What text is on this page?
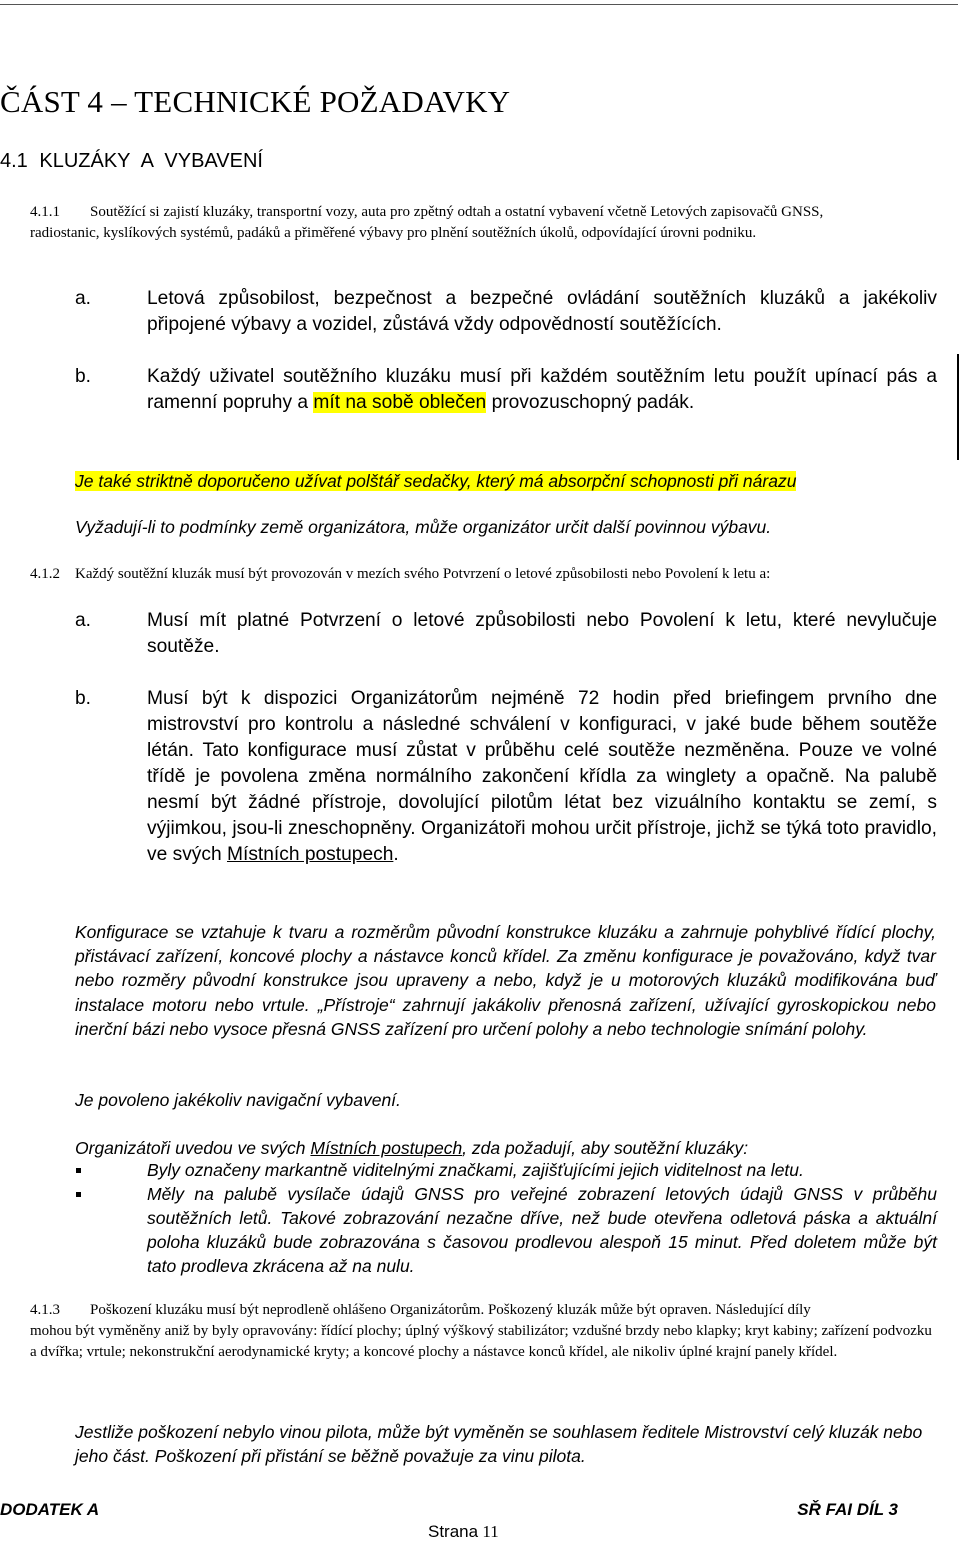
ČÁST 4 – TECHNICKÉ POŽADAVKY
4.1 KLUZÁKY A VYBAVENÍ
4.1.1 Soutěžící si zajistí kluzáky, transportní vozy, auta pro zpětný odtah a ostatní vybavení včetně Letových zapisovačů GNSS,
radiostanic, kyslíkových systémů, padáků a přiměřené výbavy pro plnění soutěžních úkolů, odpovídající úrovni podniku.
a.	Letová způsobilost, bezpečnost a bezpečné ovládání soutěžních kluzáků a jakékoliv připojené výbavy a vozidel, zůstává vždy odpovědností soutěžících.
b.	Každý uživatel soutěžního kluzáku musí při každém soutěžním letu použít upínací pás a ramenní popruhy a mít na sobě oblečen provozuschopný padák.
Je také striktně doporučeno užívat polštář sedačky, který má absorpční schopnosti při nárazu
Vyžadují-li to podmínky země organizátora, může organizátor určit další povinnou výbavu.
4.1.2 Každý soutěžní kluzák musí být provozován v mezích svého Potvrzení o letové způsobilosti nebo Povolení k letu a:
a.	Musí mít platné Potvrzení o letové způsobilosti nebo Povolení k letu, které nevylučuje soutěže.
b.	Musí být k dispozici Organizátorům nejméně 72 hodin před briefingem prvního dne mistrovství pro kontrolu a následné schválení v konfiguraci, v jaké bude během soutěže létán. Tato konfigurace musí zůstat v průběhu celé soutěže nezměněna. Pouze ve volné třídě je povolena změna normálního zakončení křídla za winglety a opačně. Na palubě nesmí být žádné přístroje, dovolující pilotům létat bez vizuálního kontaktu se zemí, s výjimkou, jsou-li zneschopněny. Organizátoři mohou určit přístroje, jichž se týká toto pravidlo, ve svých Místních postupech.
Konfigurace se vztahuje k tvaru a rozměrům původní konstrukce kluzáku a zahrnuje pohyblivé řídící plochy, přistávací zařízení, koncové plochy a nástavce konců křídel. Za změnu konfigurace je považováno, když tvar nebo rozměry původní konstrukce jsou upraveny a nebo, když je u motorových kluzáků modifikována buď instalace motoru nebo vrtule. „Přístroje“ zahrnují jakákoliv přenosná zařízení, užívající gyroskopickou nebo inerční bázi nebo vysoce přesná GNSS zařízení pro určení polohy a nebo technologie snímání polohy.
Je povoleno jakékoliv navigační vybavení.
Organizátoři uvedou ve svých Místních postupech, zda požadují, aby soutěžní kluzáky:
Byly označeny markantně viditelnými značkami, zajišťujícími jejich viditelnost na letu.
Měly na palubě vysílače údajů GNSS pro veřejné zobrazení letových údajů GNSS v průběhu soutěžních letů. Takové zobrazování nezačne dříve, než bude otevřena odletová páska a aktuální poloha kluzáků bude zobrazována s časovou prodlevou alespoň 15 minut. Před doletem může být tato prodleva zkrácena až na nulu.
4.1.3 Poškození kluzáku musí být neprodleně ohlášeno Organizátorům. Poškozený kluzák může být opraven. Následující díly
mohou být vyměněny aniž by byly opravovány: řídící plochy; úplný výškový stabilizátor; vzdušné brzdy nebo klapky; kryt kabiny; zařízení podvozku a dvířka; vrtule; nekonstrukční aerodynamické kryty; a koncové plochy a nástavce konců křídel, ale nikoliv úplné krajní panely křídel.
Jestliže poškození nebylo vinou pilota, může být vyměněn se souhlasem ředitele Mistrovství celý kluzák nebo jeho část. Poškození při přistání se běžně považuje za vinu pilota.
DODATEK A	SŘ FAI DÍL 3
Strana 11
